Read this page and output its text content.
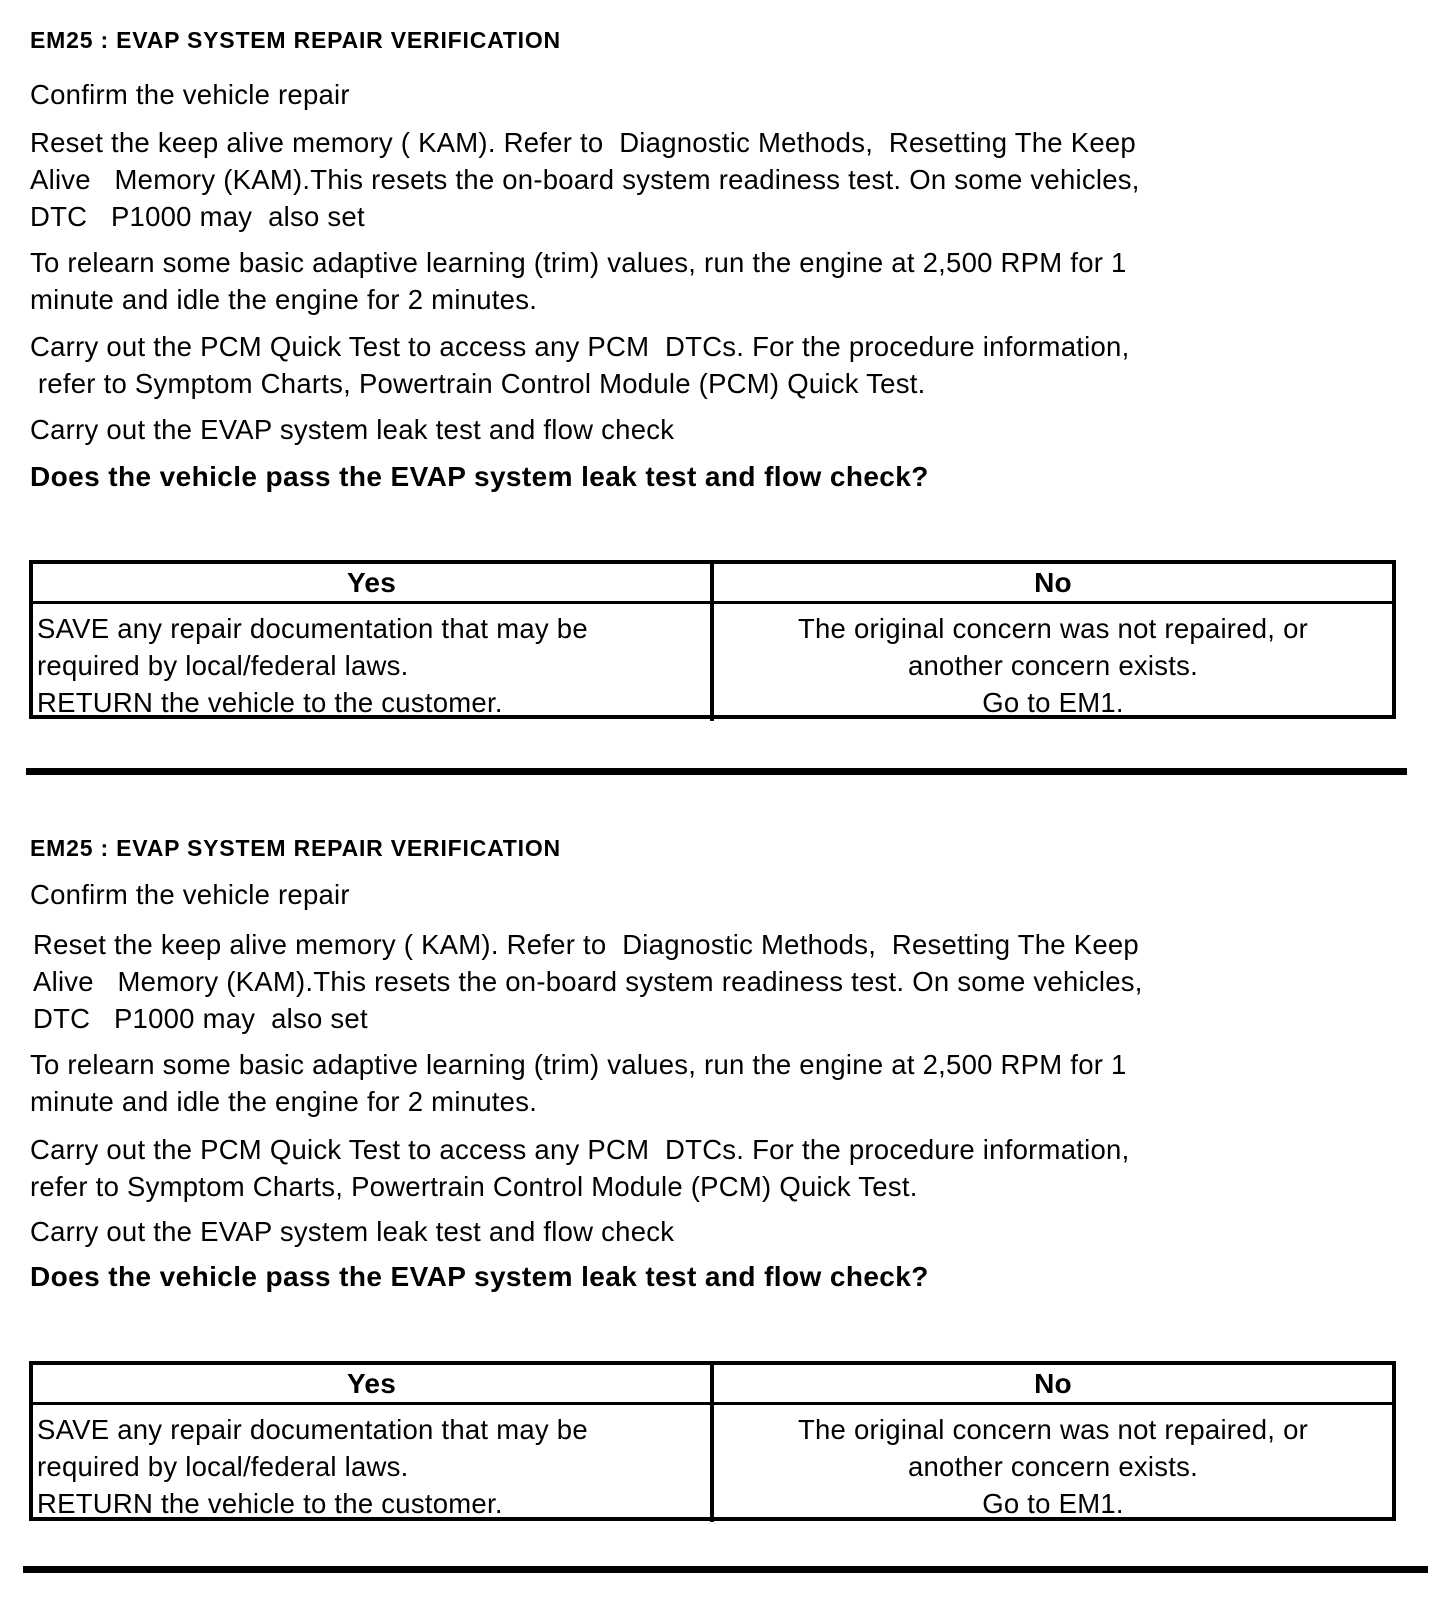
EM25 : EVAP SYSTEM REPAIR VERIFICATION
Confirm the vehicle repair
Reset the keep alive memory ( KAM). Refer to  Diagnostic Methods,  Resetting The Keep
Alive   Memory (KAM).This resets the on-board system readiness test. On some vehicles,
DTC   P1000 may  also set
To relearn some basic adaptive learning (trim) values, run the engine at 2,500 RPM for 1
minute and idle the engine for 2 minutes.
Carry out the PCM Quick Test to access any PCM  DTCs. For the procedure information,
refer to Symptom Charts, Powertrain Control Module (PCM) Quick Test.
Carry out the EVAP system leak test and flow check
Does the vehicle pass the EVAP system leak test and flow check?
Yes	No
SAVE any repair documentation that may be
required by local/federal laws.
RETURN the vehicle to the customer.
The original concern was not repaired, or
another concern exists.
Go to EM1.
EM25 : EVAP SYSTEM REPAIR VERIFICATION
Confirm the vehicle repair
Reset the keep alive memory ( KAM). Refer to  Diagnostic Methods,  Resetting The Keep
Alive   Memory (KAM).This resets the on-board system readiness test. On some vehicles,
DTC   P1000 may  also set
To relearn some basic adaptive learning (trim) values, run the engine at 2,500 RPM for 1
minute and idle the engine for 2 minutes.
Carry out the PCM Quick Test to access any PCM  DTCs. For the procedure information,
refer to Symptom Charts, Powertrain Control Module (PCM) Quick Test.
Carry out the EVAP system leak test and flow check
Does the vehicle pass the EVAP system leak test and flow check?
Yes	No
SAVE any repair documentation that may be
required by local/federal laws.
RETURN the vehicle to the customer.
The original concern was not repaired, or
another concern exists.
Go to EM1.
